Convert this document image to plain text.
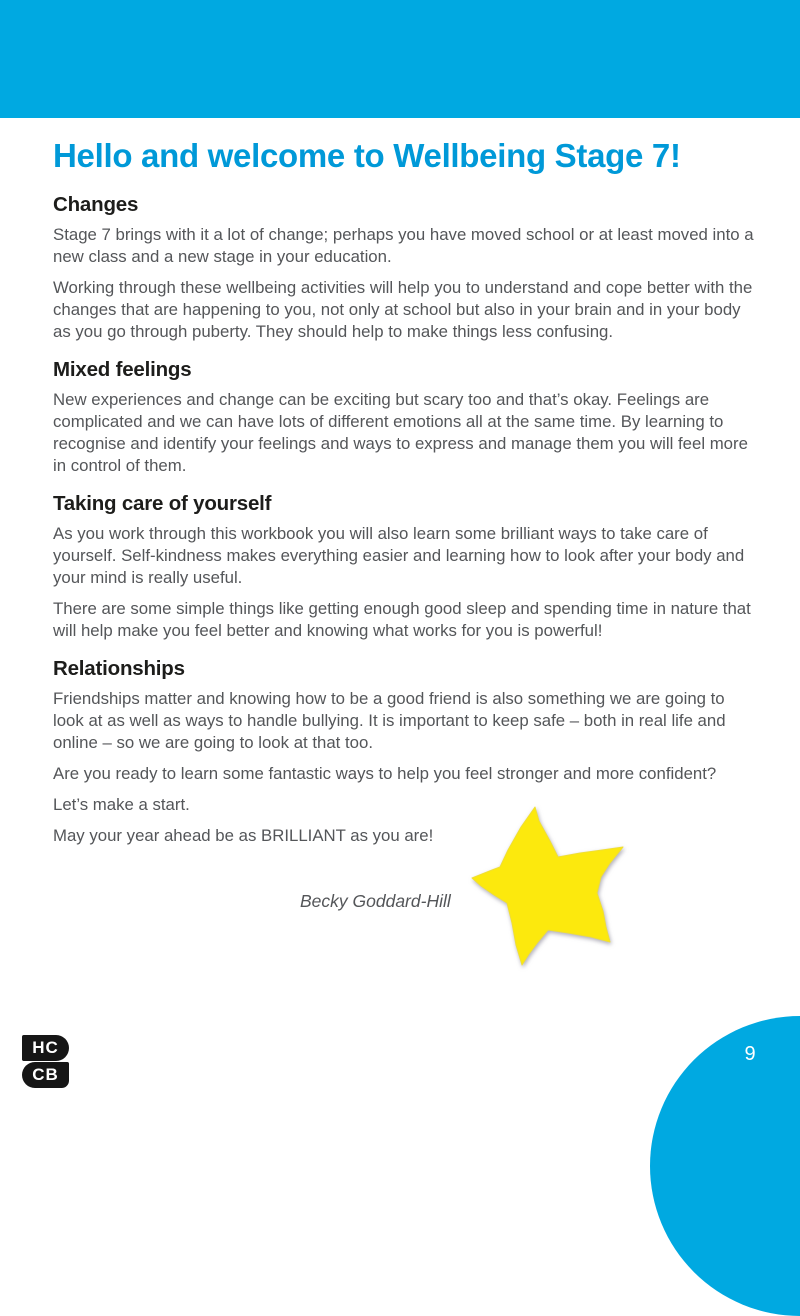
Hello and welcome to Wellbeing Stage 7!
Changes

Stage 7 brings with it a lot of change; perhaps you have moved school or at least moved into a new class and a new stage in your education.

Working through these wellbeing activities will help you to understand and cope better with the changes that are happening to you, not only at school but also in your brain and in your body as you go through puberty. They should help to make things less confusing.

Mixed feelings

New experiences and change can be exciting but scary too and that’s okay. Feelings are complicated and we can have lots of different emotions all at the same time. By learning to recognise and identify your feelings and ways to express and manage them you will feel more in control of them.

Taking care of yourself

As you work through this workbook you will also learn some brilliant ways to take care of yourself. Self-kindness makes everything easier and learning how to look after your body and your mind is really useful.

There are some simple things like getting enough good sleep and spending time in nature that will help make you feel better and knowing what works for you is powerful!

Relationships

Friendships matter and knowing how to be a good friend is also something we are going to look at as well as ways to handle bullying. It is important to keep safe – both in real life and online – so we are going to look at that too.

Are you ready to learn some fantastic ways to help you feel stronger and more confident?

Let’s make a start.

May your year ahead be as BRILLIANT as you are!

Becky Goddard-Hill
HC
CB
9
